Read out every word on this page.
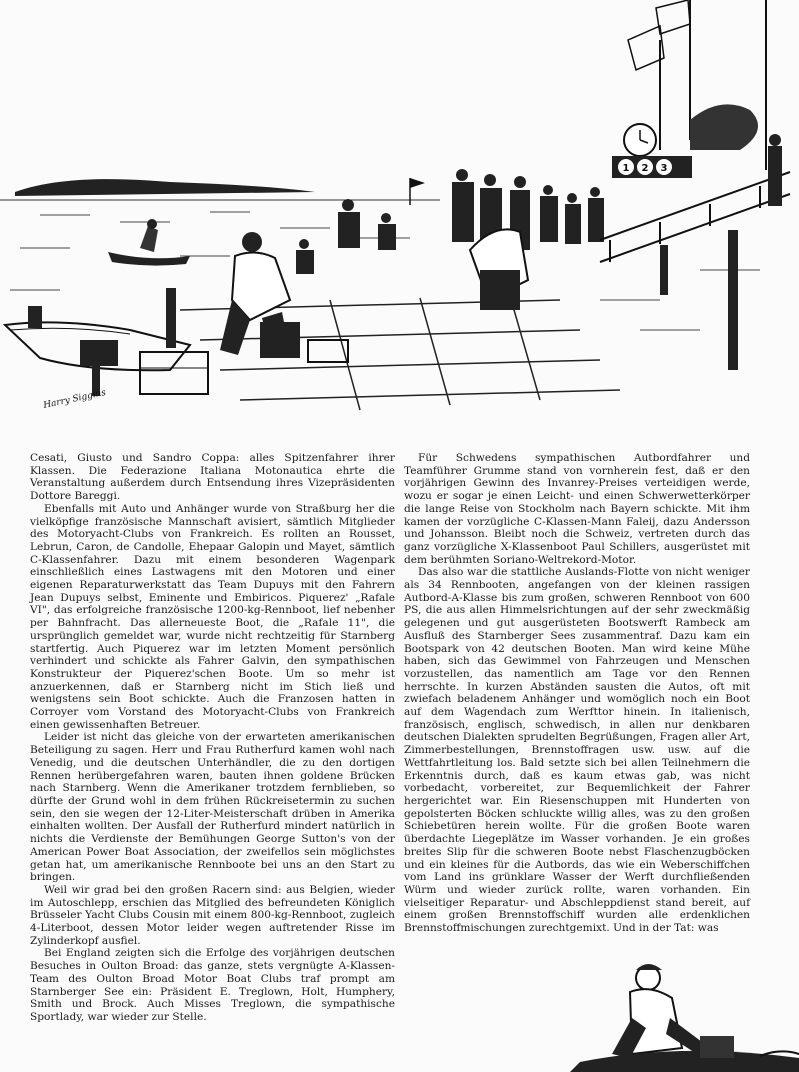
1 2 3
Harry Siggins

Cesati, Giusto und Sandro Coppa: alles Spitzenfahrer ihrer Klassen. Die Federazione Italiana Motonautica ehrte die Veranstaltung außerdem durch Entsendung ihres Vizepräsidenten Dottore Bareggi.

Ebenfalls mit Auto und Anhänger wurde von Straßburg her die vielköpfige französische Mannschaft avisiert, sämtlich Mitglieder des Motoryacht-Clubs von Frankreich. Es rollten an Rousset, Lebrun, Caron, de Candolle, Ehepaar Galopin und Mayet, sämtlich C-Klassenfahrer. Dazu mit einem besonderen Wagenpark einschließlich eines Lastwagens mit den Motoren und einer eigenen Reparaturwerkstatt das Team Dupuys mit den Fahrern Jean Dupuys selbst, Eminente und Embiricos. Piquerez' „Rafale VI", das erfolgreiche französische 1200-kg-Rennboot, lief nebenher per Bahnfracht. Das allerneueste Boot, die „Rafale 11", die ursprünglich gemeldet war, wurde nicht rechtzeitig für Starnberg startfertig. Auch Piquerez war im letzten Moment persönlich verhindert und schickte als Fahrer Galvin, den sympathischen Konstrukteur der Piquerez'schen Boote. Um so mehr ist anzuerkennen, daß er Starnberg nicht im Stich ließ und wenigstens sein Boot schickte. Auch die Franzosen hatten in Corroyer vom Vorstand des Motoryacht-Clubs von Frankreich einen gewissenhaften Betreuer.

Leider ist nicht das gleiche von der erwarteten amerikanischen Beteiligung zu sagen. Herr und Frau Rutherfurd kamen wohl nach Venedig, und die deutschen Unterhändler, die zu den dortigen Rennen herübergefahren waren, bauten ihnen goldene Brücken nach Starnberg. Wenn die Amerikaner trotzdem fernblieben, so dürfte der Grund wohl in dem frühen Rückreisetermin zu suchen sein, den sie wegen der 12-Liter-Meisterschaft drüben in Amerika einhalten wollten. Der Ausfall der Rutherfurd mindert natürlich in nichts die Verdienste der Bemühungen George Sutton's von der American Power Boat Association, der zweifellos sein möglichstes getan hat, um amerikanische Rennboote bei uns an den Start zu bringen.

Weil wir grad bei den großen Racern sind: aus Belgien, wieder im Autoschlepp, erschien das Mitglied des befreundeten Königlich Brüsseler Yacht Clubs Cousin mit einem 800-kg-Rennboot, zugleich 4-Literboot, dessen Motor leider wegen auftretender Risse im Zylinderkopf ausfiel.

Bei England zeigten sich die Erfolge des vorjährigen deutschen Besuches in Oulton Broad: das ganze, stets vergnügte A-Klassen-Team des Oulton Broad Motor Boat Clubs traf prompt am Starnberger See ein: Präsident E. Treglown, Holt, Humphery, Smith und Brock. Auch Misses Treglown, die sympathische Sportlady, war wieder zur Stelle.

Für Schwedens sympathischen Autbordfahrer und Teamführer Grumme stand von vornherein fest, daß er den vorjährigen Gewinn des Invanrey-Preises verteidigen werde, wozu er sogar je einen Leicht- und einen Schwerwetterkörper die lange Reise von Stockholm nach Bayern schickte. Mit ihm kamen der vorzügliche C-Klassen-Mann Faleij, dazu Andersson und Johansson. Bleibt noch die Schweiz, vertreten durch das ganz vorzügliche X-Klassenboot Paul Schillers, ausgerüstet mit dem berühmten Soriano-Weltrekord-Motor.

Das also war die stattliche Auslands-Flotte von nicht weniger als 34 Rennbooten, angefangen von der kleinen rassigen Autbord-A-Klasse bis zum großen, schweren Rennboot von 600 PS, die aus allen Himmelsrichtungen auf der sehr zweckmäßig gelegenen und gut ausgerüsteten Bootswerft Rambeck am Ausfluß des Starnberger Sees zusammentraf. Dazu kam ein Bootspark von 42 deutschen Booten. Man wird keine Mühe haben, sich das Gewimmel von Fahrzeugen und Menschen vorzustellen, das namentlich am Tage vor den Rennen herrschte. In kurzen Abständen sausten die Autos, oft mit zwiefach beladenem Anhänger und womöglich noch ein Boot auf dem Wagendach zum Werfttor hinein. In italienisch, französisch, englisch, schwedisch, in allen nur denkbaren deutschen Dialekten sprudelten Begrüßungen, Fragen aller Art, Zimmerbestellungen, Brennstoffragen usw. usw. auf die Wettfahrtleitung los. Bald setzte sich bei allen Teilnehmern die Erkenntnis durch, daß es kaum etwas gab, was nicht vorbedacht, vorbereitet, zur Bequemlichkeit der Fahrer hergerichtet war. Ein Riesenschuppen mit Hunderten von gepolsterten Böcken schluckte willig alles, was zu den großen Schiebetüren herein wollte. Für die großen Boote waren überdachte Liegeplätze im Wasser vorhanden. Je ein großes breites Slip für die schweren Boote nebst Flaschenzugböcken und ein kleines für die Autbords, das wie ein Weberschiffchen vom Land ins grünklare Wasser der Werft durchfließenden Würm und wieder zurück rollte, waren vorhanden. Ein vielseitiger Reparatur- und Abschleppdienst stand bereit, auf einem großen Brennstoffschiff wurden alle erdenklichen Brennstoffmischungen zurechtgemixt. Und in der Tat: was
